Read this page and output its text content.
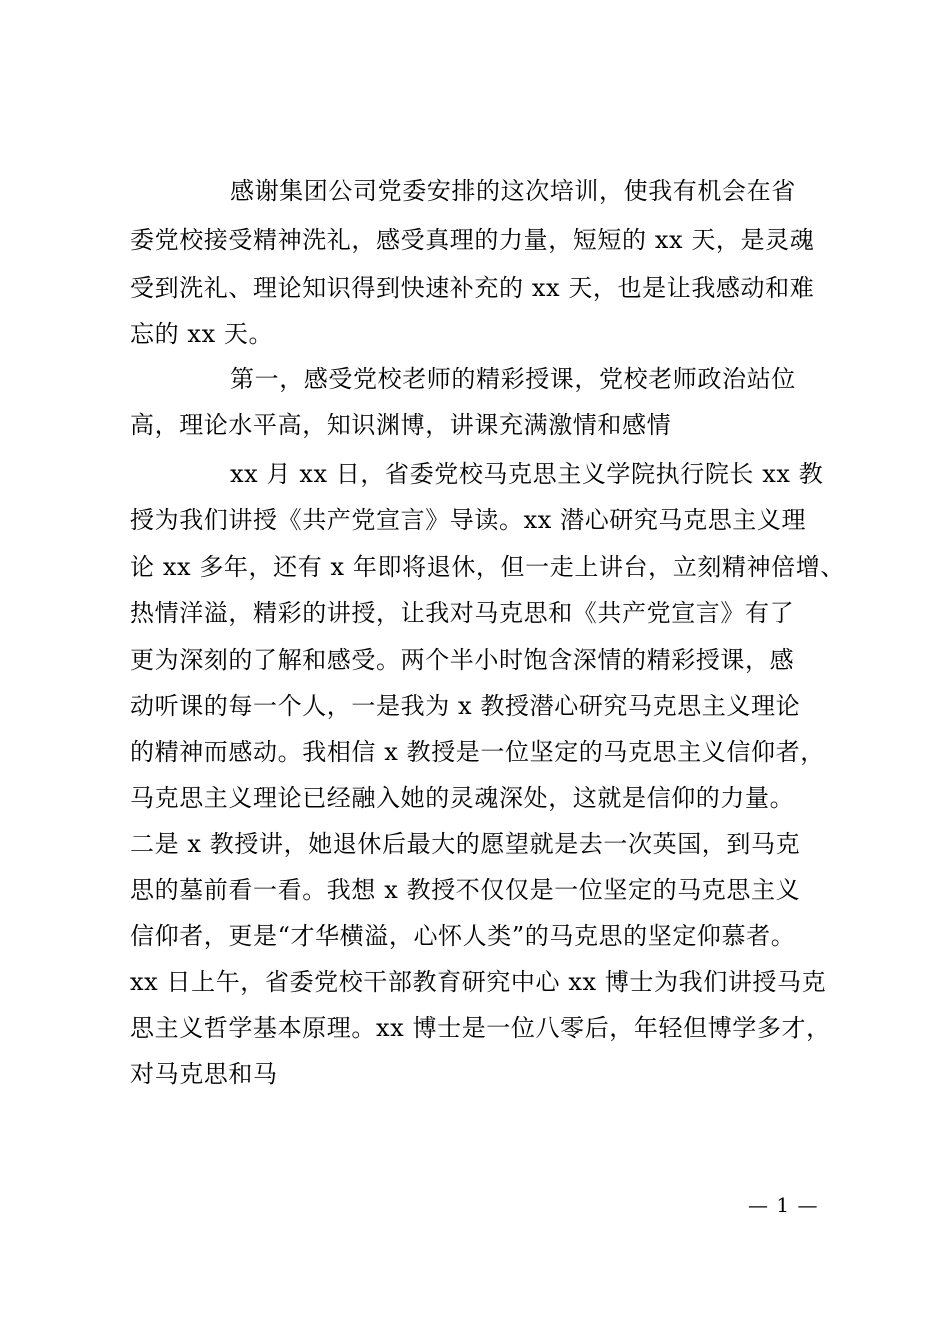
感谢集团公司党委安排的这次培训，使我有机会在省
委党校接受精神洗礼，感受真理的力量，短短的 xx 天，是灵魂
受到洗礼、理论知识得到快速补充的 xx 天，也是让我感动和难
忘的 xx 天。
第一，感受党校老师的精彩授课，党校老师政治站位
高，理论水平高，知识渊博，讲课充满激情和感情
xx 月 xx 日，省委党校马克思主义学院执行院长 xx 教
授为我们讲授《共产党宣言》导读。xx 潜心研究马克思主义理
论 xx 多年，还有 x 年即将退休，但一走上讲台，立刻精神倍增、
热情洋溢，精彩的讲授，让我对马克思和《共产党宣言》有了
更为深刻的了解和感受。两个半小时饱含深情的精彩授课，感
动听课的每一个人，一是我为 x 教授潜心研究马克思主义理论
的精神而感动。我相信 x 教授是一位坚定的马克思主义信仰者，
马克思主义理论已经融入她的灵魂深处，这就是信仰的力量。
二是 x 教授讲，她退休后最大的愿望就是去一次英国，到马克
思的墓前看一看。我想 x 教授不仅仅是一位坚定的马克思主义
信仰者，更是“才华横溢，心怀人类”的马克思的坚定仰慕者。
xx 日上午，省委党校干部教育研究中心 xx 博士为我们讲授马克
思主义哲学基本原理。xx 博士是一位八零后，年轻但博学多才，
对马克思和马
— 1 —
